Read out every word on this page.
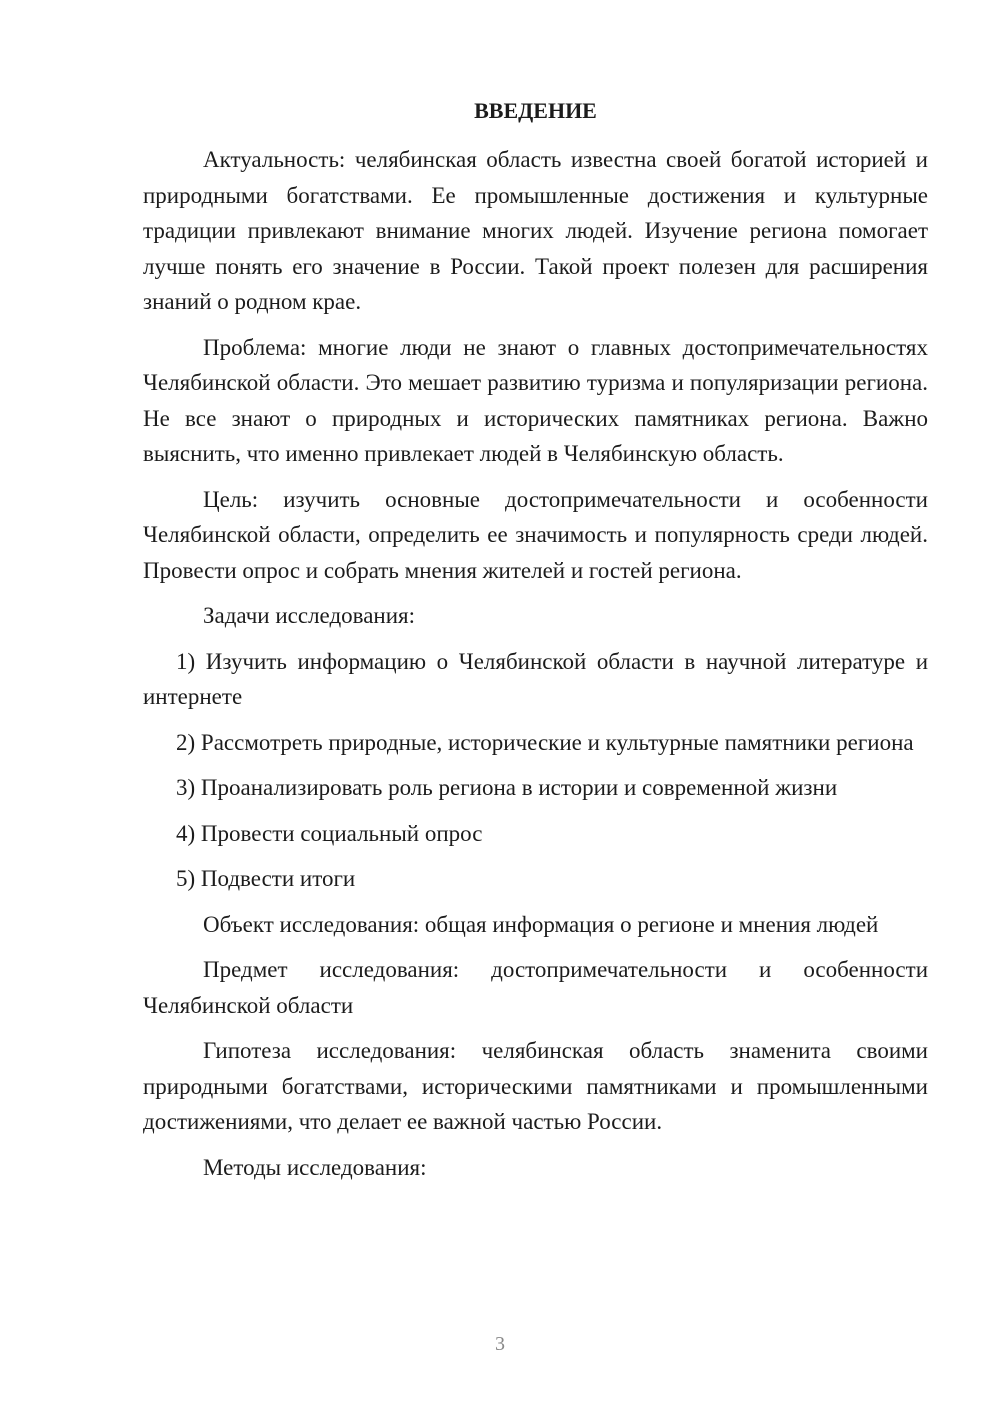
ВВЕДЕНИЕ

Актуальность: челябинская область известна своей богатой историей и природными богатствами. Ее промышленные достижения и культурные традиции привлекают внимание многих людей. Изучение региона помогает лучше понять его значение в России. Такой проект полезен для расширения знаний о родном крае.

Проблема: многие люди не знают о главных достопримечательностях Челябинской области. Это мешает развитию туризма и популяризации региона. Не все знают о природных и исторических памятниках региона. Важно выяснить, что именно привлекает людей в Челябинскую область.

Цель: изучить основные достопримечательности и особенности Челябинской области, определить ее значимость и популярность среди людей. Провести опрос и собрать мнения жителей и гостей региона.

Задачи исследования:

1) Изучить информацию о Челябинской области в научной литературе и интернете

2) Рассмотреть природные, исторические и культурные памятники региона

3) Проанализировать роль региона в истории и современной жизни

4) Провести социальный опрос

5) Подвести итоги

Объект исследования: общая информация о регионе и мнения людей

Предмет исследования: достопримечательности и особенности Челябинской области

Гипотеза исследования: челябинская область знаменита своими природными богатствами, историческими памятниками и промышленными достижениями, что делает ее важной частью России.

Методы исследования:

3
